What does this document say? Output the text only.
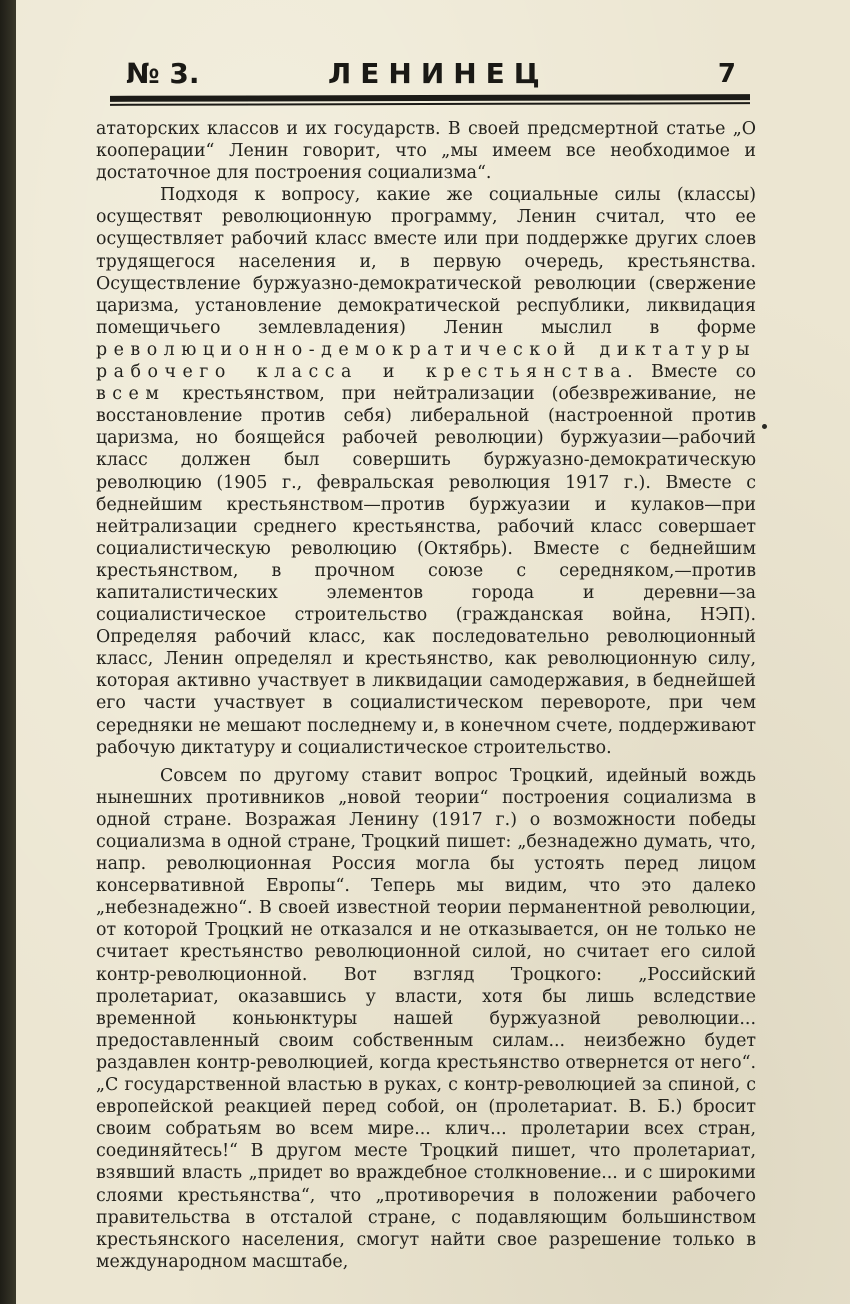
№ 3.	ЛЕНИНЕЦ	7

ататорских классов и их государств. В своей предсмертной статье „О кооперации“ Ленин говорит, что „мы имеем все необходимое и достаточное для построения социализма“.

Подходя к вопросу, какие же социальные силы (классы) осуществят революционную программу, Ленин считал, что ее осуществляет рабочий класс вместе или при поддержке других слоев трудящегося населения и, в первую очередь, крестьянства. Осуществление буржуазно-демократической революции (свержение царизма, установление демократической республики, ликвидация помещичьего землевладения) Ленин мыслил в форме революционно-демократической диктатуры рабочего класса и крестьянства. Вместе со всем крестьянством, при нейтрализации (обезвреживание, не восстановление против себя) либеральной (настроенной против царизма, но боящейся рабочей революции) буржуазии—рабочий класс должен был совершить буржуазно-демократическую революцию (1905 г., февральская революция 1917 г.). Вместе с беднейшим крестьянством—против буржуазии и кулаков—при нейтрализации среднего крестьянства, рабочий класс совершает социалистическую революцию (Октябрь). Вместе с беднейшим крестьянством, в прочном союзе с середняком,—против капиталистических элементов города и деревни—за социалистическое строительство (гражданская война, НЭП). Определяя рабочий класс, как последовательно революционный класс, Ленин определял и крестьянство, как революционную силу, которая активно участвует в ликвидации самодержавия, в беднейшей его части участвует в социалистическом перевороте, при чем середняки не мешают последнему и, в конечном счете, поддерживают рабочую диктатуру и социалистическое строительство.

Совсем по другому ставит вопрос Троцкий, идейный вождь нынешних противников „новой теории“ построения социализма в одной стране. Возражая Ленину (1917 г.) о возможности победы социализма в одной стране, Троцкий пишет: „безнадежно думать, что, напр. революционная Россия могла бы устоять перед лицом консервативной Европы“. Теперь мы видим, что это далеко „небезнадежно“. В своей известной теории перманентной революции, от которой Троцкий не отказался и не отказывается, он не только не считает крестьянство революционной силой, но считает его силой контр-революционной. Вот взгляд Троцкого: „Российский пролетариат, оказавшись у власти, хотя бы лишь вследствие временной коньюнктуры нашей буржуазной революции... предоставленный своим собственным силам... неизбежно будет раздавлен контр-революцией, когда крестьянство отвернется от него“. „С государственной властью в руках, с контр-революцией за спиной, с европейской реакцией перед собой, он (пролетариат. В. Б.) бросит своим собратьям во всем мире... клич... пролетарии всех стран, соединяйтесь!“ В другом месте Троцкий пишет, что пролетариат, взявший власть „придет во враждебное столкновение... и с широкими слоями крестьянства“, что „противоречия в положении рабочего правительства в отсталой стране, с подавляющим большинством крестьянского населения, смогут найти свое разрешение только в международном масштабе,
